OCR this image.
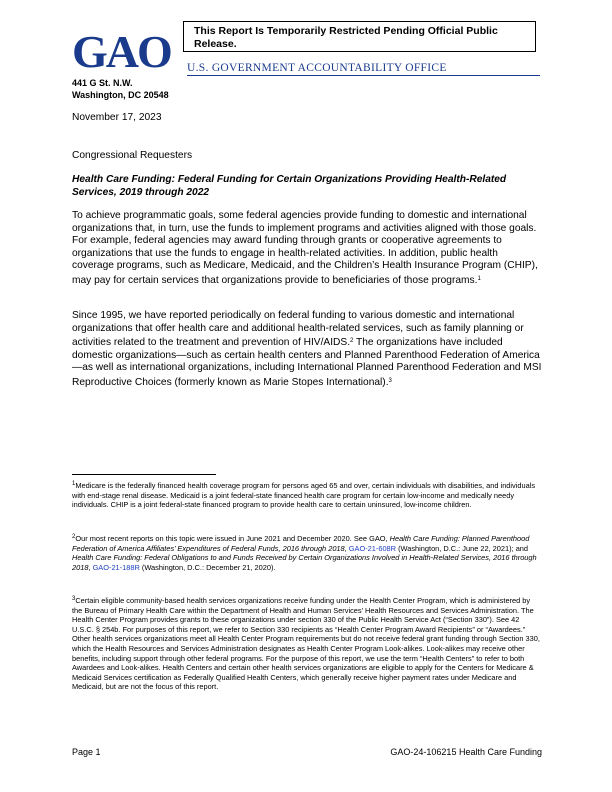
This Report Is Temporarily Restricted Pending Official Public Release.
GAO U.S. GOVERNMENT ACCOUNTABILITY OFFICE
441 G St. N.W.
Washington, DC 20548
November 17, 2023
Congressional Requesters
Health Care Funding: Federal Funding for Certain Organizations Providing Health-Related Services, 2019 through 2022
To achieve programmatic goals, some federal agencies provide funding to domestic and international organizations that, in turn, use the funds to implement programs and activities aligned with those goals. For example, federal agencies may award funding through grants or cooperative agreements to organizations that use the funds to engage in health-related activities. In addition, public health coverage programs, such as Medicare, Medicaid, and the Children’s Health Insurance Program (CHIP), may pay for certain services that organizations provide to beneficiaries of those programs.$^1$
Since 1995, we have reported periodically on federal funding to various domestic and international organizations that offer health care and additional health-related services, such as family planning or activities related to the treatment and prevention of HIV/AIDS.$^2$ The organizations have included domestic organizations—such as certain health centers and Planned Parenthood Federation of America—as well as international organizations, including International Planned Parenthood Federation and MSI Reproductive Choices (formerly known as Marie Stopes International).$^3$
$^1$Medicare is the federally financed health coverage program for persons aged 65 and over, certain individuals with disabilities, and individuals with end-stage renal disease. Medicaid is a joint federal-state financed health care program for certain low-income and medically needy individuals. CHIP is a joint federal-state financed program to provide health care to certain uninsured, low-income children.
$^2$Our most recent reports on this topic were issued in June 2021 and December 2020. See GAO, Health Care Funding: Planned Parenthood Federation of America Affiliates’ Expenditures of Federal Funds, 2016 through 2018, GAO-21-608R (Washington, D.C.: June 22, 2021); and Health Care Funding: Federal Obligations to and Funds Received by Certain Organizations Involved in Health-Related Services, 2016 through 2018, GAO-21-188R (Washington, D.C.: December 21, 2020).
$^3$Certain eligible community-based health services organizations receive funding under the Health Center Program, which is administered by the Bureau of Primary Health Care within the Department of Health and Human Services’ Health Resources and Services Administration. The Health Center Program provides grants to these organizations under section 330 of the Public Health Service Act (“Section 330”). See 42 U.S.C. § 254b. For purposes of this report, we refer to Section 330 recipients as “Health Center Program Award Recipients” or “Awardees.” Other health services organizations meet all Health Center Program requirements but do not receive federal grant funding through Section 330, which the Health Resources and Services Administration designates as Health Center Program Look-alikes. Look-alikes may receive other benefits, including support through other federal programs. For the purpose of this report, we use the term “Health Centers” to refer to both Awardees and Look-alikes. Health Centers and certain other health services organizations are eligible to apply for the Centers for Medicare & Medicaid Services certification as Federally Qualified Health Centers, which generally receive higher payment rates under Medicare and Medicaid, but are not the focus of this report.
Page 1	GAO-24-106215 Health Care Funding
